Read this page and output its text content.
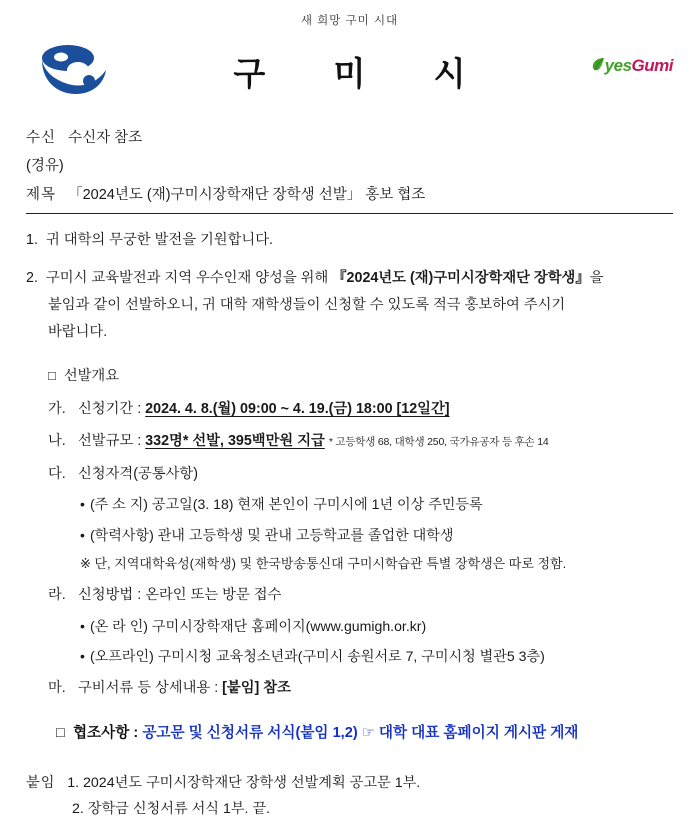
새 희망 구미 시대
구 미 시	yesGumi
수신 수신자 참조
(경유)
제목 「2024년도 (재)구미시장학재단 장학생 선발」 홍보 협조
1. 귀 대학의 무궁한 발전을 기원합니다.
2. 구미시 교육발전과 지역 우수인재 양성을 위해 『2024년도 (재)구미시장학재단 장학생』을
붙임과 같이 선발하오니, 귀 대학 재학생들이 신청할 수 있도록 적극 홍보하여 주시기
바랍니다.
□ 선발개요
가. 신청기간 : 2024. 4. 8.(월) 09:00 ~ 4. 19.(금) 18:00 [12일간]
나. 선발규모 : 332명* 선발, 395백만원 지급 * 고등학생 68, 대학생 250, 국가유공자 등 후손 14
다. 신청자격(공통사항)
• (주 소 지) 공고일(3. 18) 현재 본인이 구미시에 1년 이상 주민등록
• (학력사항) 관내 고등학생 및 관내 고등학교를 졸업한 대학생
※ 단, 지역대학육성(재학생) 및 한국방송통신대 구미시학습관 특별 장학생은 따로 정함.
라. 신청방법 : 온라인 또는 방문 접수
• (온 라 인) 구미시장학재단 홈페이지(www.gumigh.or.kr)
• (오프라인) 구미시청 교육청소년과(구미시 송원서로 7, 구미시청 별관5 3층)
마. 구비서류 등 상세내용 : [붙임] 참조
□ 협조사항 : 공고문 및 신청서류 서식(붙임 1,2) ☞ 대학 대표 홈페이지 게시판 게재
붙임 1. 2024년도 구미시장학재단 장학생 선발계획 공고문 1부.
2. 장학금 신청서류 서식 1부. 끝.
